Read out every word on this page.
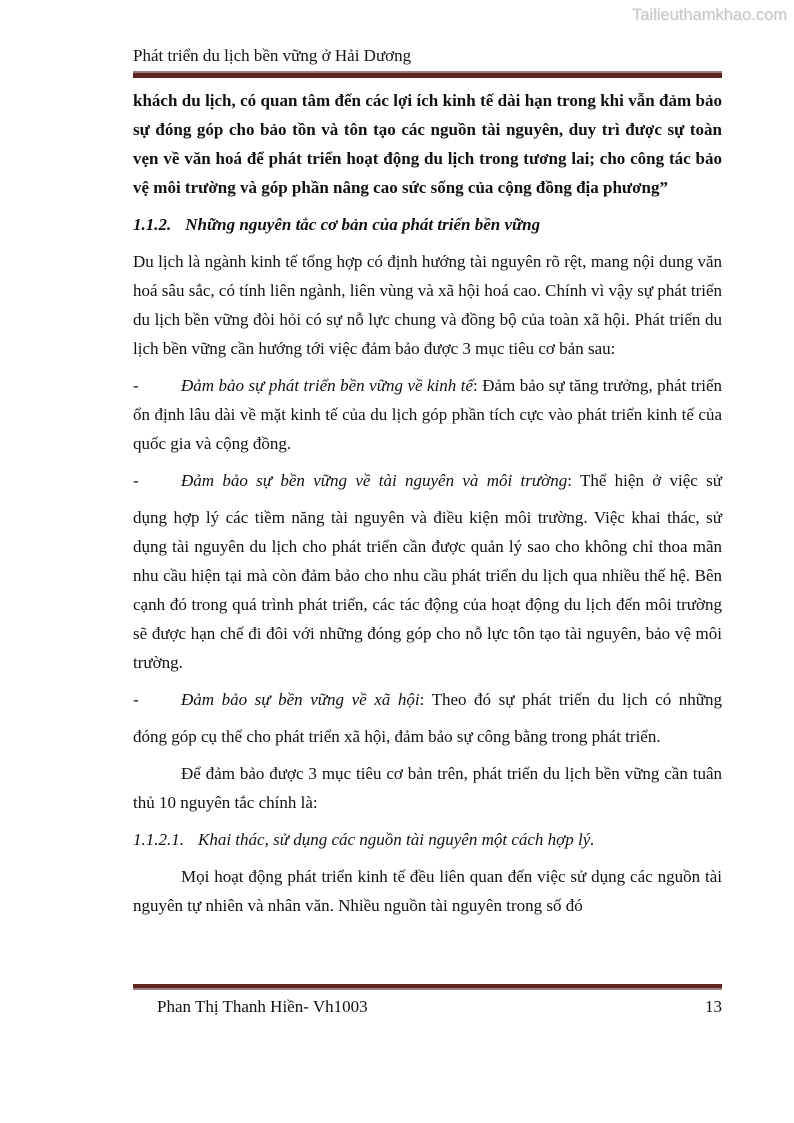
Tailieuthamkhao.com
Phát triển du lịch bền vững ở Hải Dương

khách du lịch, có quan tâm đến các lợi ích kinh tế dài hạn trong khi vẫn đảm bảo sự đóng góp cho bảo tồn và tôn tạo các nguồn tài nguyên, duy trì được sự toàn vẹn về văn hoá để phát triển hoạt động du lịch trong tương lai; cho công tác bảo vệ môi trường và góp phần nâng cao sức sống của cộng đồng địa phương”

1.1.2. Những nguyên tắc cơ bản của phát triển bền vững

Du lịch là ngành kinh tế tổng hợp có định hướng tài nguyên rõ rệt, mang nội dung văn hoá sâu sắc, có tính liên ngành, liên vùng và xã hội hoá cao. Chính vì vậy sự phát triển du lịch bền vững đòi hỏi có sự nỗ lực chung và đồng bộ của toàn xã hội. Phát triển du lịch bền vững cần hướng tới việc đảm bảo được 3 mục tiêu cơ bản sau:

- Đảm bảo sự phát triển bền vững về kinh tế: Đảm bảo sự tăng trưởng, phát triển ổn định lâu dài về mặt kinh tế của du lịch góp phần tích cực vào phát triển kinh tế của quốc gia và cộng đồng.

- Đảm bảo sự bền vững về tài nguyên và môi trường: Thể hiện ở việc sử

dụng hợp lý các tiềm năng tài nguyên và điều kiện môi trường. Việc khai thác, sử dụng tài nguyên du lịch cho phát triển cần được quản lý sao cho không chỉ thoa mãn nhu cầu hiện tại mà còn đảm bảo cho nhu cầu phát triển du lịch qua nhiều thế hệ. Bên cạnh đó trong quá trình phát triển, các tác động của hoạt động du lịch đến môi trường sẽ được hạn chế đi đôi với những đóng góp cho nỗ lực tôn tạo tài nguyên, bảo vệ môi trường.

- Đảm bảo sự bền vững về xã hội: Theo đó sự phát triển du lịch có những

đóng góp cụ thể cho phát triển xã hội, đảm bảo sự công bằng trong phát triển.

Để đảm bảo được 3 mục tiêu cơ bản trên, phát triển du lịch bền vững cần tuân thủ 10 nguyên tắc chính là:

1.1.2.1. Khai thác, sử dụng các nguồn tài nguyên một cách hợp lý.

Mọi hoạt động phát triển kinh tế đều liên quan đến việc sử dụng các nguồn tài nguyên tự nhiên và nhân văn. Nhiều nguồn tài nguyên trong số đó

Phan Thị Thanh Hiền- Vh1003	13
